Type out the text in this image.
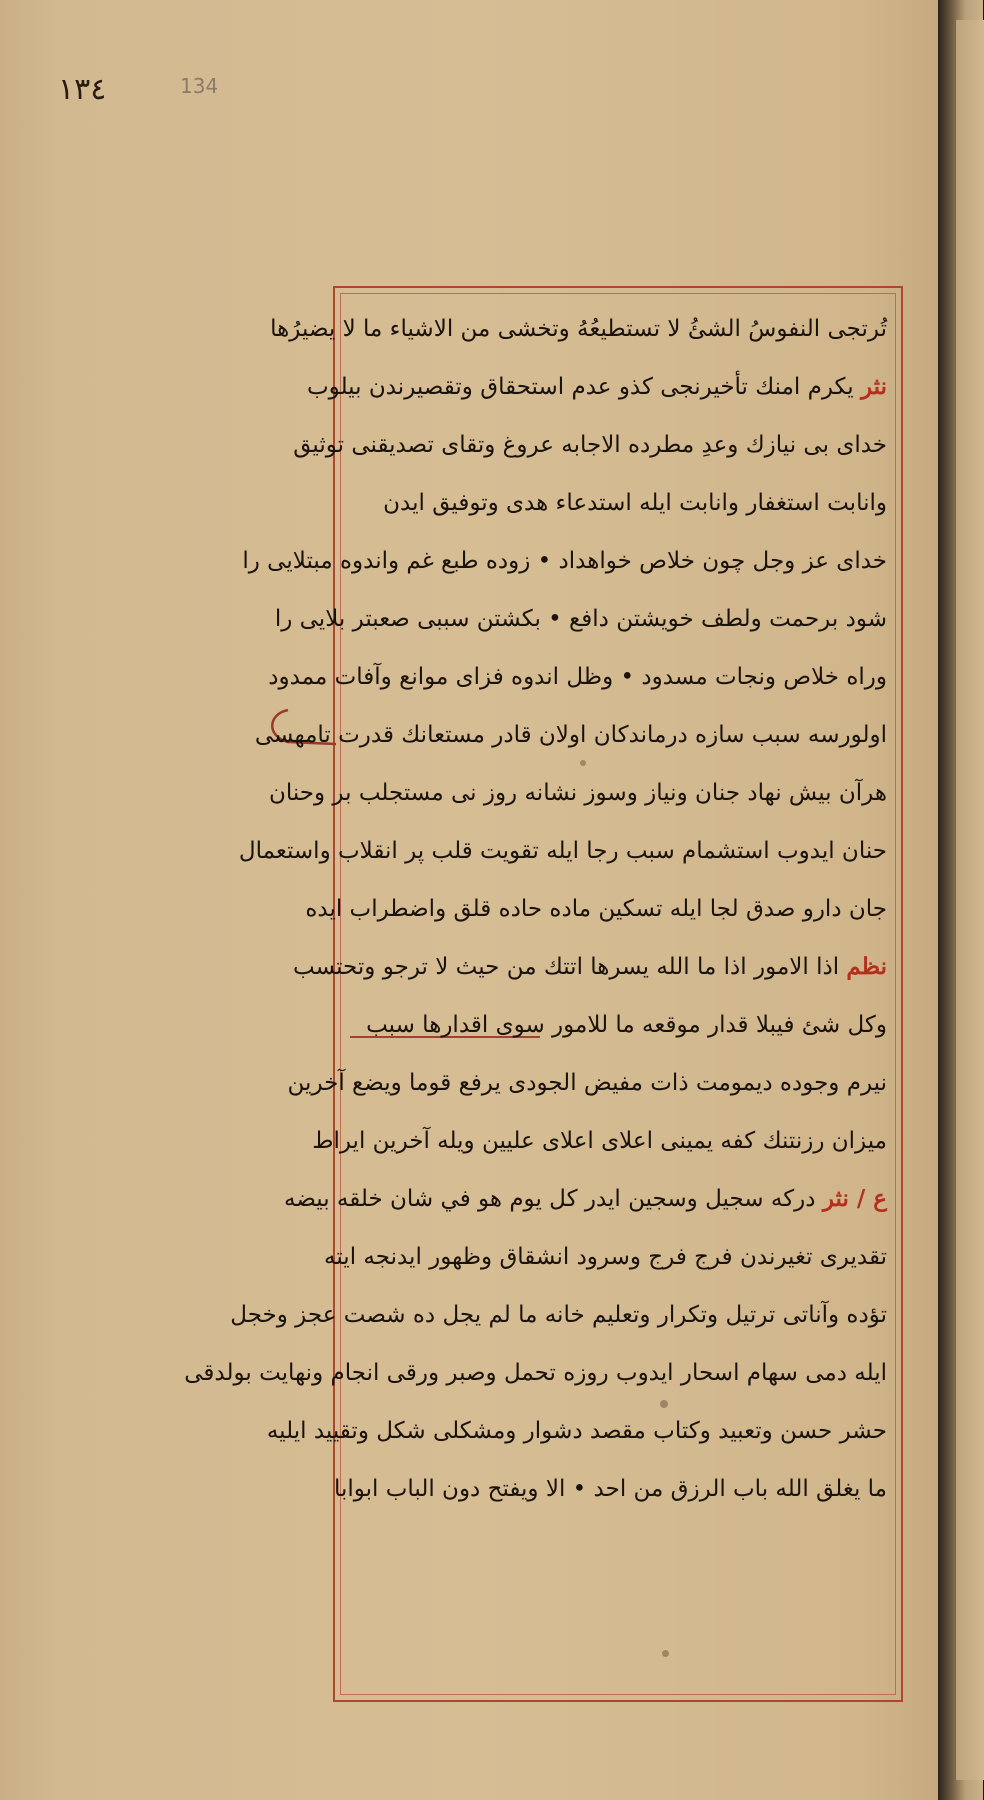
١٣٤	134
تُرتجى النفوسُ الشئُ لا تستطيعُهُ وتخشى من الاشياء ما لا يضيرُها
نثر يكرم امنك تأخيرنجى كذو عدم استحقاق وتقصيرندن بيلوب
خداى بى نيازك وعدِ مطرده الاجابه عروغ وتقاى تصديقنى توثيق
وانابت استغفار وانابت ايله استدعاء هدى وتوفيق ايدن
خداى عز وجل چون خلاص خواهداد • زوده طبع غم واندوه مبتلايى را
شود برحمت ولطف خويشتن دافع • بكشتن سببى صعبتر بلايى را
وراه خلاص ونجات مسدود • وظل اندوه فزاى موانع وآفات ممدود
اولورسه سبب سازه درماندكان اولان قادر مستعانك قدرت تامهسى
هرآن بيش نهاد جنان ونياز وسوز نشانه روز نى مستجلب بر وحنان
حنان ايدوب استشمام سبب رجا ايله تقويت قلب پر انقلاب واستعمال
جان دارو صدق لجا ايله تسكين ماده حاده قلق واضطراب ايده
نظم اذا الامور اذا ما الله يسرها اتتك من حيث لا ترجو وتحتسب
وكل شئ فيبلا قدار موقعه ما للامور سوى اقدارها سبب
نيرم وجوده ديمومت ذات مفيض الجودى يرفع قوما ويضع آخرين
ميزان رزنتنك كفه يمينى اعلاى اعلاى عليين ويله آخرين ايراط
ع / نثر دركه سجيل وسجين ايدر كل يوم هو في شان خلقه بيضه
تقديرى تغيرندن فرج فرج وسرود انشقاق وظهور ايدنجه ايته
تؤده وآناتى ترتيل وتكرار وتعليم خانه ما لم يجل ده شصت عجز وخجل
ايله دمى سهام اسحار ايدوب روزه تحمل وصبر ورقى انجام ونهايت بولدقى
حشر حسن وتعبيد وكتاب مقصد دشوار ومشكلى شكل وتقييد ايليه
ما يغلق الله باب الرزق من احد • الا ويفتح دون الباب ابوابا
